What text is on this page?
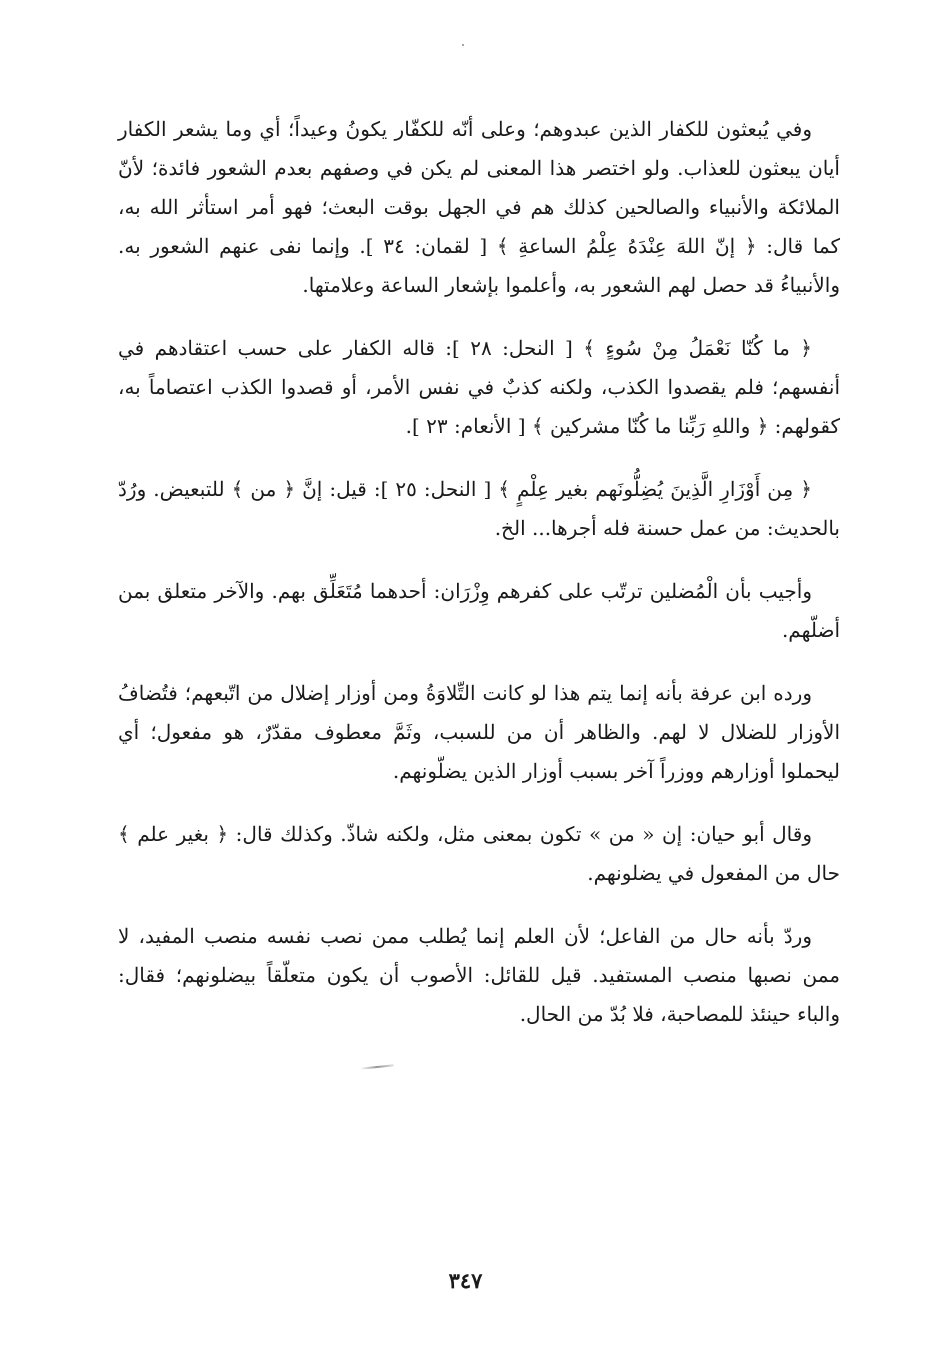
وفي يُبعثون للكفار الذين عبدوهم؛ وعلى أنّه للكفّار يكونُ وعيداً؛ أي وما يشعر الكفار أيان يبعثون للعذاب. ولو اختصر هذا المعنى لم يكن في وصفهم بعدم الشعور فائدة؛ لأنّ الملائكة والأنبياء والصالحين كذلك هم في الجهل بوقت البعث؛ فهو أمر استأثر الله به، كما قال: ﴿ إنّ اللهَ عِنْدَهُ عِلْمُ الساعةِ ﴾ [ لقمان: ٣٤ ]. وإنما نفى عنهم الشعور به. والأنبياءُ قد حصل لهم الشعور به، وأعلموا بإشعار الساعة وعلامتها.

﴿ ما كُنّا نَعْمَلُ مِنْ سُوءٍ ﴾ [ النحل: ٢٨ ]: قاله الكفار على حسب اعتقادهم في أنفسهم؛ فلم يقصدوا الكذب، ولكنه كذبٌ في نفس الأمر، أو قصدوا الكذب اعتصاماً به، كقولهم: ﴿ واللهِ رَبِّنا ما كُنّا مشركين ﴾ [ الأنعام: ٢٣ ].

﴿ مِن أَوْزَارِ الَّذِينَ يُضِلُّونَهم بغير عِلْمٍ ﴾ [ النحل: ٢٥ ]: قيل: إنَّ ﴿ من ﴾ للتبعيض. ورُدّ بالحديث: من عمل حسنة فله أجرها... الخ.

وأجيب بأن الْمُضلين ترتّب على كفرهم وِزْرَان: أحدهما مُتَعَلِّق بهم. والآخر متعلق بمن أضلّهم.

ورده ابن عرفة بأنه إنما يتم هذا لو كانت التِّلاوَةُ ومن أوزار إضلال من اتّبعهم؛ فتُضافُ الأوزار للضلال لا لهم. والظاهر أن من للسبب، وثَمَّ معطوف مقدّرٌ، هو مفعول؛ أي ليحملوا أوزارهم ووزراً آخر بسبب أوزار الذين يضلّونهم.

وقال أبو حيان: إن « من » تكون بمعنى مثل، ولكنه شاذّ. وكذلك قال: ﴿ بغير علم ﴾ حال من المفعول في يضلونهم.

وردّ بأنه حال من الفاعل؛ لأن العلم إنما يُطلب ممن نصب نفسه منصب المفيد، لا ممن نصبها منصب المستفيد. قيل للقائل: الأصوب أن يكون متعلّقاً بيضلونهم؛ فقال: والباء حينئذ للمصاحبة، فلا بُدّ من الحال.

٣٤٧
